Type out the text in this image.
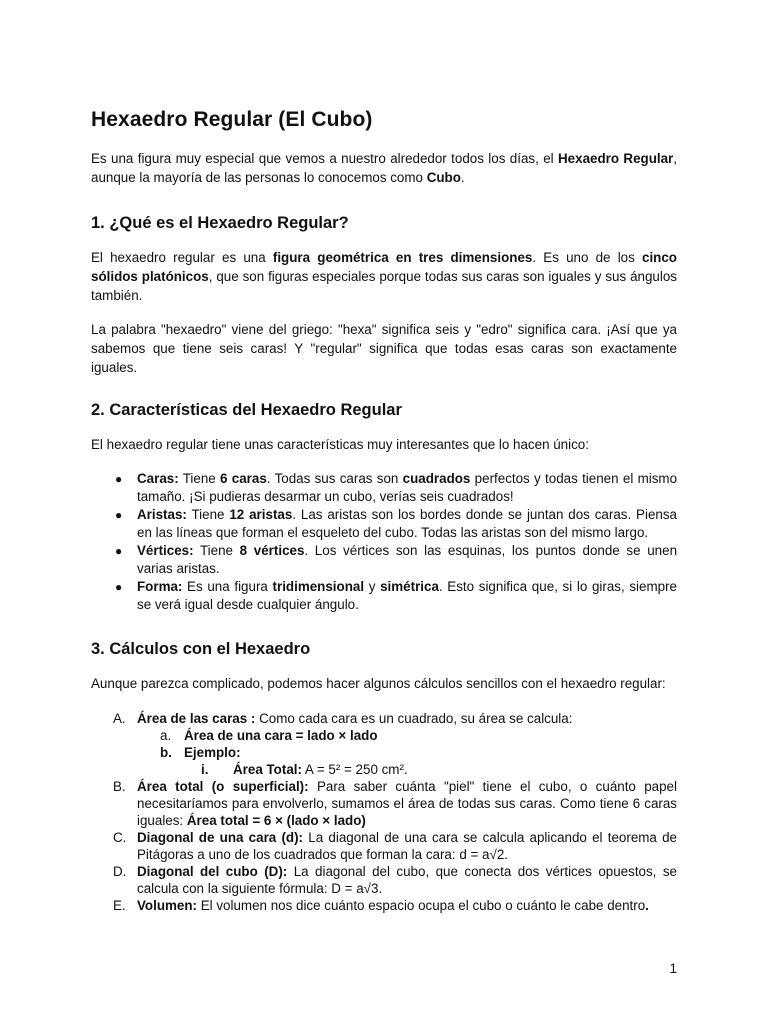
Hexaedro Regular (El Cubo)

Es una figura muy especial que vemos a nuestro alrededor todos los días, el Hexaedro Regular, aunque la mayoría de las personas lo conocemos como Cubo.

1. ¿Qué es el Hexaedro Regular?

El hexaedro regular es una figura geométrica en tres dimensiones. Es uno de los cinco sólidos platónicos, que son figuras especiales porque todas sus caras son iguales y sus ángulos también.

La palabra "hexaedro" viene del griego: "hexa" significa seis y "edro" significa cara. ¡Así que ya sabemos que tiene seis caras! Y "regular" significa que todas esas caras son exactamente iguales.

2. Características del Hexaedro Regular

El hexaedro regular tiene unas características muy interesantes que lo hacen único:

● Caras: Tiene 6 caras. Todas sus caras son cuadrados perfectos y todas tienen el mismo tamaño. ¡Si pudieras desarmar un cubo, verías seis cuadrados!
● Aristas: Tiene 12 aristas. Las aristas son los bordes donde se juntan dos caras. Piensa en las líneas que forman el esqueleto del cubo. Todas las aristas son del mismo largo.
● Vértices: Tiene 8 vértices. Los vértices son las esquinas, los puntos donde se unen varias aristas.
● Forma: Es una figura tridimensional y simétrica. Esto significa que, si lo giras, siempre se verá igual desde cualquier ángulo.
3. Cálculos con el Hexaedro

Aunque parezca complicado, podemos hacer algunos cálculos sencillos con el hexaedro regular:

A. Área de las caras : Como cada cara es un cuadrado, su área se calcula:
a. Área de una cara = lado × lado
b. Ejemplo:
i. Área Total: A = 5² = 250 cm².
B. Área total (o superficial): Para saber cuánta "piel" tiene el cubo, o cuánto papel necesitaríamos para envolverlo, sumamos el área de todas sus caras. Como tiene 6 caras iguales: Área total = 6 × (lado × lado)
C. Diagonal de una cara (d): La diagonal de una cara se calcula aplicando el teorema de Pitágoras a uno de los cuadrados que forman la cara: d = a√2.
D. Diagonal del cubo (D): La diagonal del cubo, que conecta dos vértices opuestos, se calcula con la siguiente fórmula: D = a√3.
E. Volumen: El volumen nos dice cuánto espacio ocupa el cubo o cuánto le cabe dentro.
1
